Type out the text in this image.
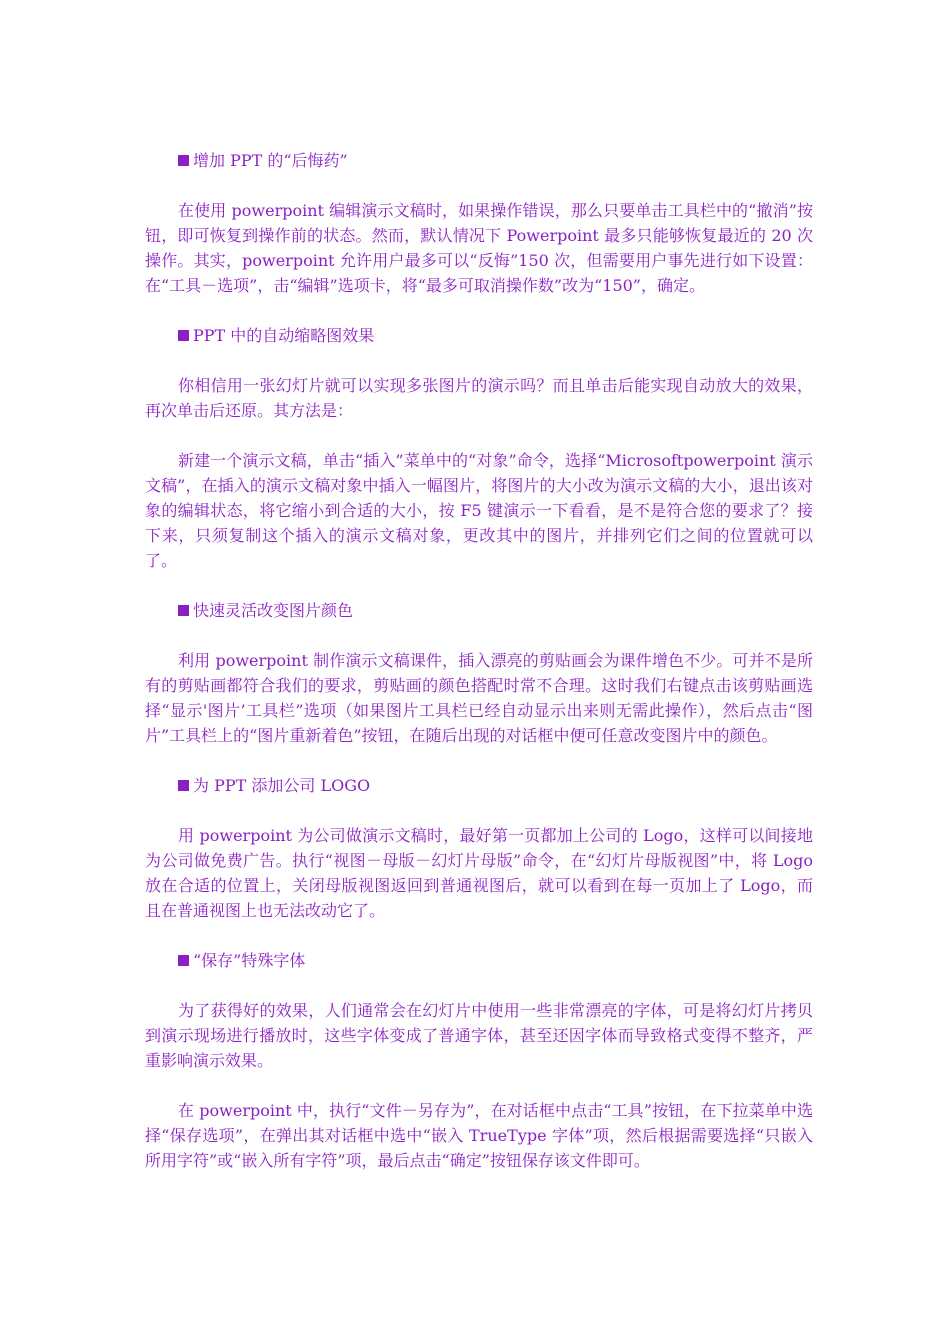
增加 PPT 的“后悔药”

在使用 powerpoint 编辑演示文稿时，如果操作错误，那么只要单击工具栏中的“撤消”按钮，即可恢复到操作前的状态。然而，默认情况下 Powerpoint 最多只能够恢复最近的 20 次操作。其实，powerpoint 允许用户最多可以“反悔”150 次，但需要用户事先进行如下设置：在“工具－选项”，击“编辑”选项卡，将“最多可取消操作数”改为“150”，确定。

PPT 中的自动缩略图效果

你相信用一张幻灯片就可以实现多张图片的演示吗？而且单击后能实现自动放大的效果，再次单击后还原。其方法是：

新建一个演示文稿，单击“插入”菜单中的“对象”命令，选择“Microsoftpowerpoint 演示文稿”，在插入的演示文稿对象中插入一幅图片，将图片的大小改为演示文稿的大小，退出该对象的编辑状态，将它缩小到合适的大小，按 F5 键演示一下看看，是不是符合您的要求了？接下来，只须复制这个插入的演示文稿对象，更改其中的图片，并排列它们之间的位置就可以了。

快速灵活改变图片颜色

利用 powerpoint 制作演示文稿课件，插入漂亮的剪贴画会为课件增色不少。可并不是所有的剪贴画都符合我们的要求，剪贴画的颜色搭配时常不合理。这时我们右键点击该剪贴画选择“显示'图片’工具栏”选项（如果图片工具栏已经自动显示出来则无需此操作），然后点击“图片”工具栏上的“图片重新着色”按钮，在随后出现的对话框中便可任意改变图片中的颜色。

为 PPT 添加公司 LOGO

用 powerpoint 为公司做演示文稿时，最好第一页都加上公司的 Logo，这样可以间接地为公司做免费广告。执行“视图－母版－幻灯片母版”命令，在“幻灯片母版视图”中，将 Logo 放在合适的位置上，关闭母版视图返回到普通视图后，就可以看到在每一页加上了 Logo，而且在普通视图上也无法改动它了。

“保存”特殊字体

为了获得好的效果，人们通常会在幻灯片中使用一些非常漂亮的字体，可是将幻灯片拷贝到演示现场进行播放时，这些字体变成了普通字体，甚至还因字体而导致格式变得不整齐，严重影响演示效果。

在 powerpoint 中，执行“文件－另存为”，在对话框中点击“工具”按钮，在下拉菜单中选择“保存选项”，在弹出其对话框中选中“嵌入 TrueType 字体”项，然后根据需要选择“只嵌入所用字符”或“嵌入所有字符”项，最后点击“确定”按钮保存该文件即可。
